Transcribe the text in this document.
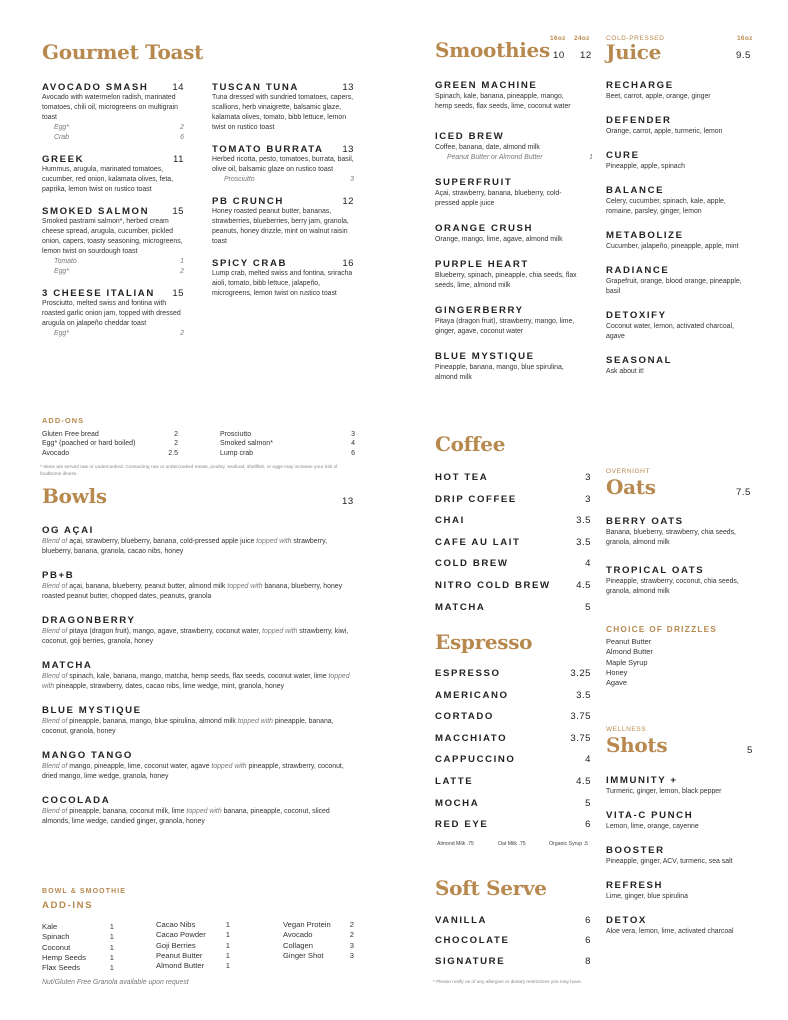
Gourmet Toast
AVOCADO SMASH 14
Avocado with watermelon radish, marinated tomatoes, chili oil, microgreens on multigrain toast
Egg*	2
Crab	6
GREEK	11
Hummus, arugula, marinated tomatoes, cucumber, red onion, kalamata olives, feta, paprika, lemon twist on rustico toast
SMOKED SALMON 15
Smoked pastrami salmon*, herbed cream cheese spread, arugula, cucumber, pickled onion, capers, toasty seasoning, microgreens, lemon twist on sourdough toast
Tomato	1
Egg*	2
3 CHEESE ITALIAN 15
Prosciutto, melted swiss and fontina with roasted garlic onion jam, topped with dressed arugula on jalapeño cheddar toast
Egg*	2
TUSCAN TUNA	13
Tuna dressed with sundried tomatoes, capers, scallions, herb vinaigrette, balsamic glaze, kalamata olives, tomato, bibb lettuce, lemon twist on rustico toast
TOMATO BURRATA 13
Herbed ricotta, pesto, tomatoes, burrata, basil, olive oil, balsamic glaze on rustico toast
Prosciutto	3
PB CRUNCH	12
Honey roasted peanut butter, bananas, strawberries, blueberries, berry jam, granola, peanuts, honey drizzle, mint on walnut raisin toast
SPICY CRAB	16
Lump crab, melted swiss and fontina, sriracha aioli, tomato, bibb lettuce, jalapeño, microgreens, lemon twist on rustico toast
ADD-ONS
Gluten Free bread	2
Egg* (poached or hard boiled)	2
Avocado	2.5
Prosciutto	3
Smoked salmon*	4
Lump crab	6
* Items are served raw or undercooked. Consuming raw or undercooked meats, poultry, seafood, shellfish, or eggs may increase your risk of foodborne illness.
Bowls	13
OG AÇAI
Blend of açai, strawberry, blueberry, banana, cold-pressed apple juice topped with strawberry, blueberry, banana, granola, cacao nibs, honey
PB+B
Blend of açai, banana, blueberry, peanut butter, almond milk topped with banana, blueberry, honey roasted peanut butter, chopped dates, peanuts, granola
DRAGONBERRY
Blend of pitaya (dragon fruit), mango, agave, strawberry, coconut water, topped with strawberry, kiwi, coconut, goji berries, granola, honey
MATCHA
Blend of spinach, kale, banana, mango, matcha, hemp seeds, flax seeds, coconut water, lime topped with pineapple, strawberry, dates, cacao nibs, lime wedge, mint, granola, honey
BLUE MYSTIQUE
Blend of pineapple, banana, mango, blue spirulina, almond milk topped with pineapple, banana, coconut, granola, honey
MANGO TANGO
Blend of mango, pineapple, lime, coconut water, agave topped with pineapple, strawberry, coconut, dried mango, lime wedge, granola, honey
COCOLADA
Blend of pineapple, banana, coconut milk, lime topped with banana, pineapple, coconut, sliced almonds, lime wedge, candied ginger, granola, honey
BOWL & SMOOTHIE
ADD-INS
Kale	1
Spinach	1
Coconut	1
Hemp Seeds	1
Flax Seeds	1
Cacao Nibs	1
Cacao Powder	1
Goji Berries	1
Peanut Butter	1
Almond Butter	1
Vegan Protein	2
Avocado	2
Collagen	3
Ginger Shot	3
Nut/Gluten Free Granola available upon request
Smoothies 16oz 24oz
10 12
GREEN MACHINE
Spinach, kale, banana, pineapple, mango, hemp seeds, flax seeds, lime, coconut water
ICED BREW
Coffee, banana, date, almond milk
Peanut Butter or Almond Butter	1
SUPERFRUIT
Açai, strawberry, banana, blueberry, cold-pressed apple juice
ORANGE CRUSH
Orange, mango, lime, agave, almond milk
PURPLE HEART
Blueberry, spinach, pineapple, chia seeds, flax seeds, lime, almond milk
GINGERBERRY
Pitaya (dragon fruit), strawberry, mango, lime, ginger, agave, coconut water
BLUE MYSTIQUE
Pineapple, banana, mango, blue spirulina, almond milk
Coffee
HOT TEA	3
DRIP COFFEE	3
CHAI	3.5
CAFE AU LAIT	3.5
COLD BREW	4
NITRO COLD BREW	4.5
MATCHA	5
Espresso
ESPRESSO	3.25
AMERICANO	3.5
CORTADO	3.75
MACCHIATO	3.75
CAPPUCCINO	4
LATTE	4.5
MOCHA	5
RED EYE	6
Almond Milk .75	Oat Milk .75	Organic Syrup .5
Soft Serve
VANILLA	6
CHOCOLATE	6
SIGNATURE	8
* Please notify us of any allergies or dietary restrictions you may have.
COLD-PRESSED
Juice
16oz
9.5
RECHARGE
Beet, carrot, apple, orange, ginger
DEFENDER
Orange, carrot, apple, turmeric, lemon
CURE
Pineapple, apple, spinach
BALANCE
Celery, cucumber, spinach, kale, apple, romaine, parsley, ginger, lemon
METABOLIZE
Cucumber, jalapeño, pineapple, apple, mint
RADIANCE
Grapefruit, orange, blood orange, pineapple, basil
DETOXIFY
Coconut water, lemon, activated charcoal, agave
SEASONAL
Ask about it!
OVERNIGHT
Oats	7.5
BERRY OATS
Banana, blueberry, strawberry, chia seeds, granola, almond milk
TROPICAL OATS
Pineapple, strawberry, coconut, chia seeds, granola, almond milk
CHOICE OF DRIZZLES
Peanut Butter
Almond Butter
Maple Syrup
Honey
Agave
WELLNESS
Shots	5
IMMUNITY +
Turmeric, ginger, lemon, black pepper
VITA-C PUNCH
Lemon, lime, orange, cayenne
BOOSTER
Pineapple, ginger, ACV, turmeric, sea salt
REFRESH
Lime, ginger, blue spirulina
DETOX
Aloe vera, lemon, lime, activated charcoal
